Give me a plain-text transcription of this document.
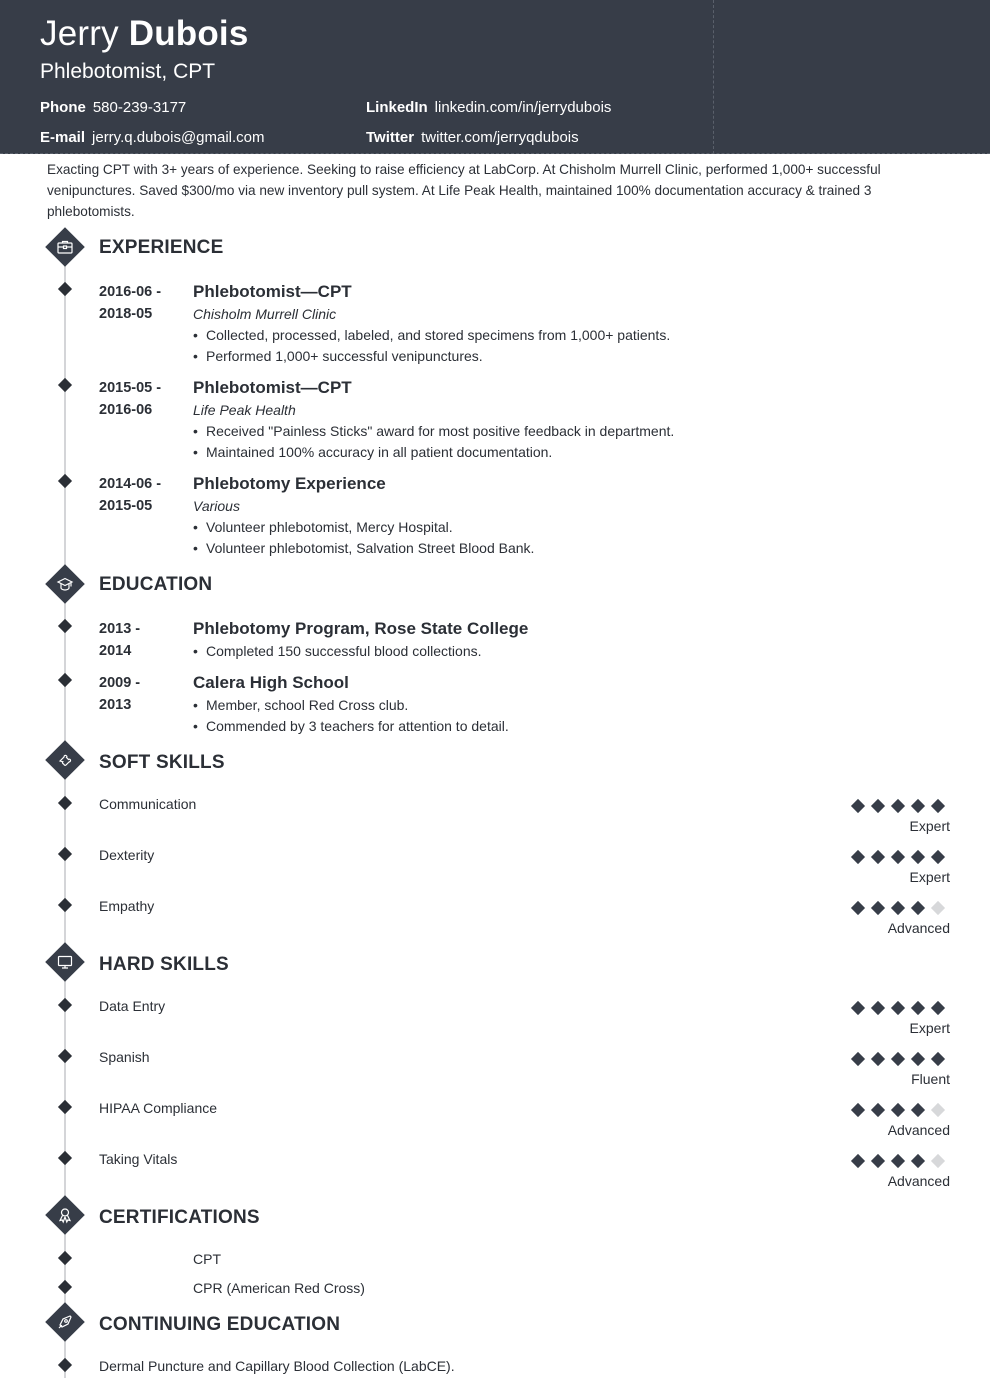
Jerry Dubois
Phlebotomist, CPT
Phone 580-239-3177
E-mail jerry.q.dubois@gmail.com
LinkedIn linkedin.com/in/jerrydubois
Twitter twitter.com/jerryqdubois
Exacting CPT with 3+ years of experience. Seeking to raise efficiency at LabCorp. At Chisholm Murrell Clinic, performed 1,000+ successful venipunctures. Saved $300/mo via new inventory pull system. At Life Peak Health, maintained 100% documentation accuracy & trained 3 phlebotomists.
EXPERIENCE
2016-06 -
2018-05
Phlebotomist—CPT
Chisholm Murrell Clinic
• Collected, processed, labeled, and stored specimens from 1,000+ patients.
• Performed 1,000+ successful venipunctures.
2015-05 -
2016-06
Phlebotomist—CPT
Life Peak Health
• Received "Painless Sticks" award for most positive feedback in department.
• Maintained 100% accuracy in all patient documentation.
2014-06 -
2015-05
Phlebotomy Experience
Various
• Volunteer phlebotomist, Mercy Hospital.
• Volunteer phlebotomist, Salvation Street Blood Bank.
EDUCATION
2013 -
2014
Phlebotomy Program, Rose State College
• Completed 150 successful blood collections.
2009 -
2013
Calera High School
• Member, school Red Cross club.
• Commended by 3 teachers for attention to detail.
SOFT SKILLS
Communication
Expert
Dexterity
Expert
Empathy
Advanced
HARD SKILLS
Data Entry
Expert
Spanish
Fluent
HIPAA Compliance
Advanced
Taking Vitals
Advanced
CERTIFICATIONS
CPT
CPR (American Red Cross)
CONTINUING EDUCATION
Dermal Puncture and Capillary Blood Collection (LabCE).
